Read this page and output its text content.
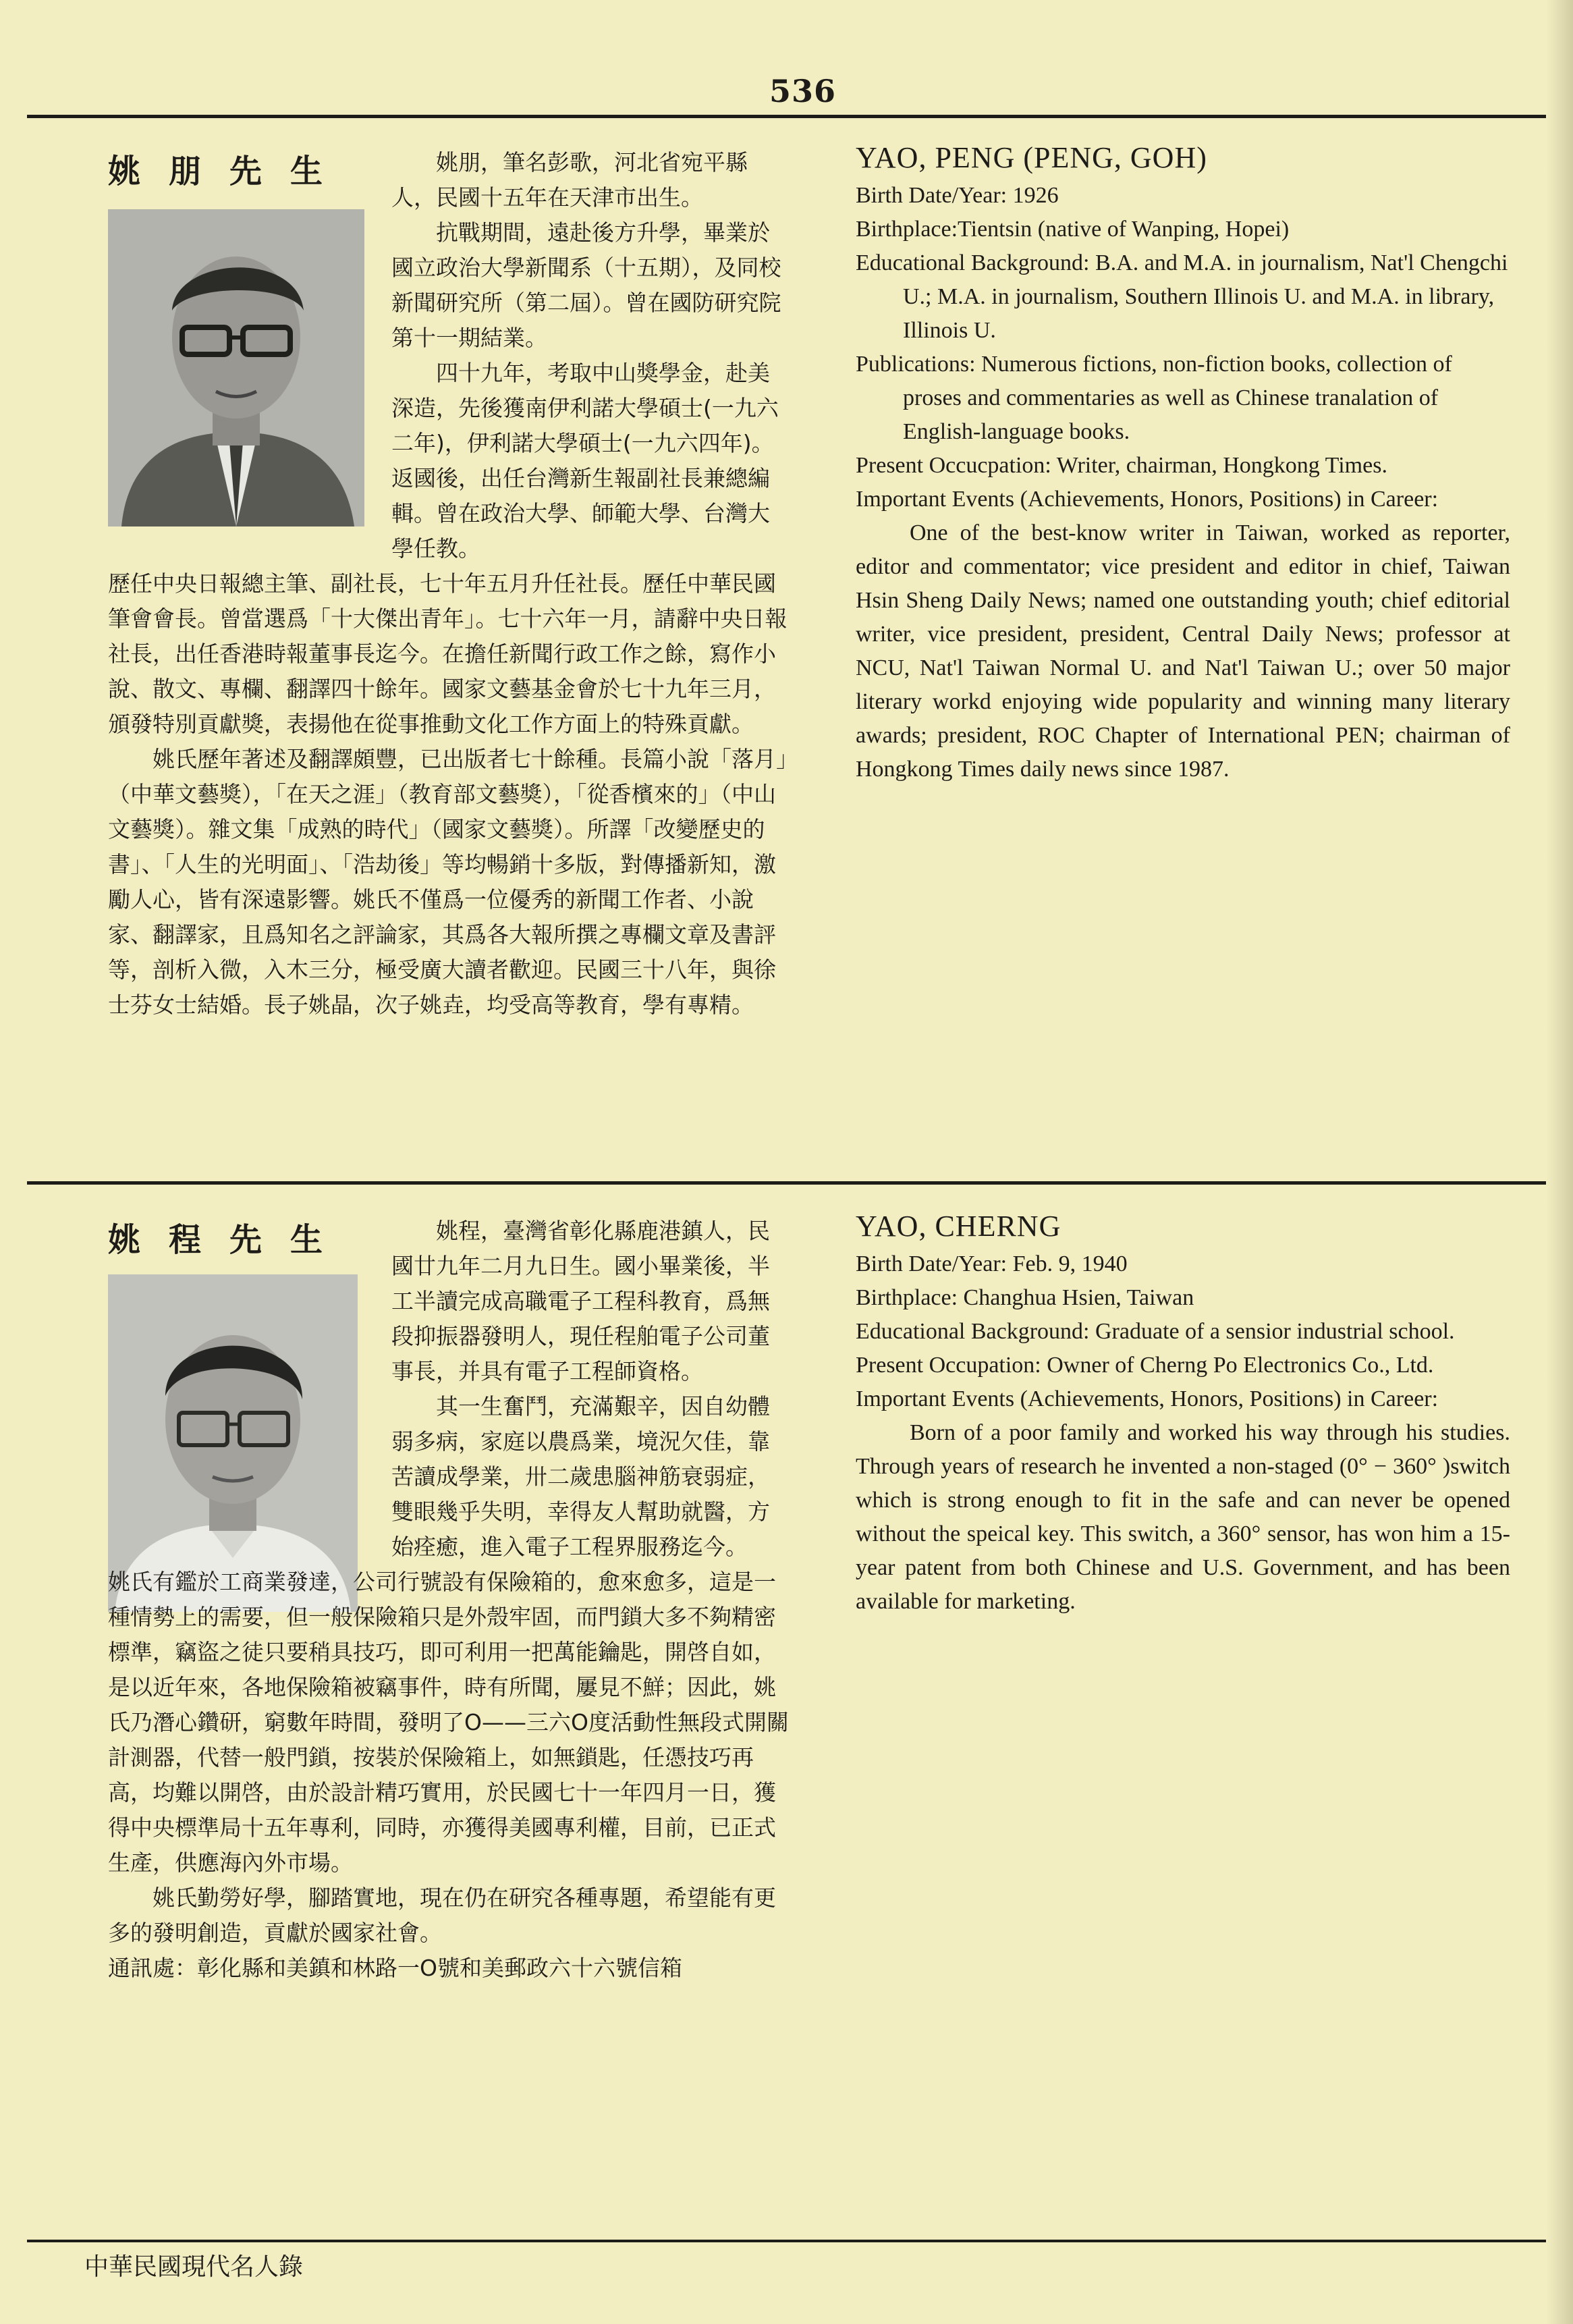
536
姚朋先生	姚朋，筆名彭歌，河北省宛平縣人，民國十五年在天津市出生。

抗戰期間，遠赴後方升學，畢業於國立政治大學新聞系（十五期），及同校新聞研究所（第二屆）。曾在國防研究院第十一期結業。

四十九年，考取中山獎學金，赴美深造，先後獲南伊利諾大學碩士(一九六二年)，伊利諾大學碩士(一九六四年)。返國後，出任台灣新生報副社長兼總編輯。曾在政治大學、師範大學、台灣大學任教。

歷任中央日報總主筆、副社長，七十年五月升任社長。歷任中華民國筆會會長。曾當選爲「十大傑出青年」。七十六年一月，請辭中央日報社長，出任香港時報董事長迄今。在擔任新聞行政工作之餘，寫作小說、散文、專欄、翻譯四十餘年。國家文藝基金會於七十九年三月，頒發特別貢獻獎，表揚他在從事推動文化工作方面上的特殊貢獻。

姚氏歷年著述及翻譯頗豐，已出版者七十餘種。長篇小說「落月」（中華文藝獎），「在天之涯」（教育部文藝獎），「從香檳來的」（中山文藝獎）。雜文集「成熟的時代」（國家文藝獎）。所譯「改變歷史的書」、「人生的光明面」、「浩劫後」等均暢銷十多版，對傳播新知，激勵人心，皆有深遠影響。姚氏不僅爲一位優秀的新聞工作者、小說家、翻譯家，且爲知名之評論家，其爲各大報所撰之專欄文章及書評等，剖析入微，入木三分，極受廣大讀者歡迎。民國三十八年，與徐士芬女士結婚。長子姚晶，次子姚垚，均受高等教育，學有專精。

YAO, PENG (PENG, GOH)

Birth Date/Year: 1926

Birthplace:Tientsin (native of Wanping, Hopei)

Educational Background: B.A. and M.A. in journalism, Nat'l Chengchi U.; M.A. in journalism, Southern Illinois U. and M.A. in library, Illinois U.

Publications: Numerous fictions, non-fiction books, collection of proses and commentaries as well as Chinese tranalation of English-language books.

Present Occucpation: Writer, chairman, Hongkong Times.

Important Events (Achievements, Honors, Positions) in Career:

One of the best-know writer in Taiwan, worked as reporter, editor and commentator; vice president and editor in chief, Taiwan Hsin Sheng Daily News; named one outstanding youth; chief editorial writer, vice president, president, Central Daily News; professor at NCU, Nat'l Taiwan Normal U. and Nat'l Taiwan U.; over 50 major literary workd enjoying wide popularity and winning many literary awards; president, ROC Chapter of International PEN; chairman of Hongkong Times daily news since 1987.

姚程先生	姚程，臺灣省彰化縣鹿港鎮人，民國廿九年二月九日生。國小畢業後，半工半讀完成高職電子工程科教育，爲無段抑振器發明人，現任程舶電子公司董事長，并具有電子工程師資格。

其一生奮鬥，充滿艱辛，因自幼體弱多病，家庭以農爲業，境況欠佳，靠苦讀成學業，卅二歲患腦神筋衰弱症，雙眼幾乎失明，幸得友人幫助就醫，方始痊癒，進入電子工程界服務迄今。

姚氏有鑑於工商業發達，公司行號設有保險箱的，愈來愈多，這是一種情勢上的需要，但一般保險箱只是外殼牢固，而門鎖大多不夠精密標準，竊盜之徒只要稍具技巧，即可利用一把萬能鑰匙，開啓自如，是以近年來，各地保險箱被竊事件，時有所聞，屢見不鮮；因此，姚氏乃潛心鑽研，窮數年時間，發明了O——三六O度活動性無段式開關計測器，代替一般門鎖，按裝於保險箱上，如無鎖匙，任憑技巧再高，均難以開啓，由於設計精巧實用，於民國七十一年四月一日，獲得中央標準局十五年專利，同時，亦獲得美國專利權，目前，已正式生產，供應海內外市場。

姚氏勤勞好學，腳踏實地，現在仍在研究各種專題，希望能有更多的發明創造，貢獻於國家社會。

通訊處：彰化縣和美鎮和林路一O號和美郵政六十六號信箱

YAO, CHERNG

Birth Date/Year: Feb. 9, 1940

Birthplace: Changhua Hsien, Taiwan

Educational Background: Graduate of a sensior industrial school.

Present Occupation: Owner of Cherng Po Electronics Co., Ltd.

Important Events (Achievements, Honors, Positions) in Career:

Born of a poor family and worked his way through his studies. Through years of research he invented a non-staged (0° − 360° )switch which is strong enough to fit in the safe and can never be opened without the speical key. This switch, a 360° sensor, has won him a 15-year patent from both Chinese and U.S. Government, and has been available for marketing.

中華民國現代名人錄
